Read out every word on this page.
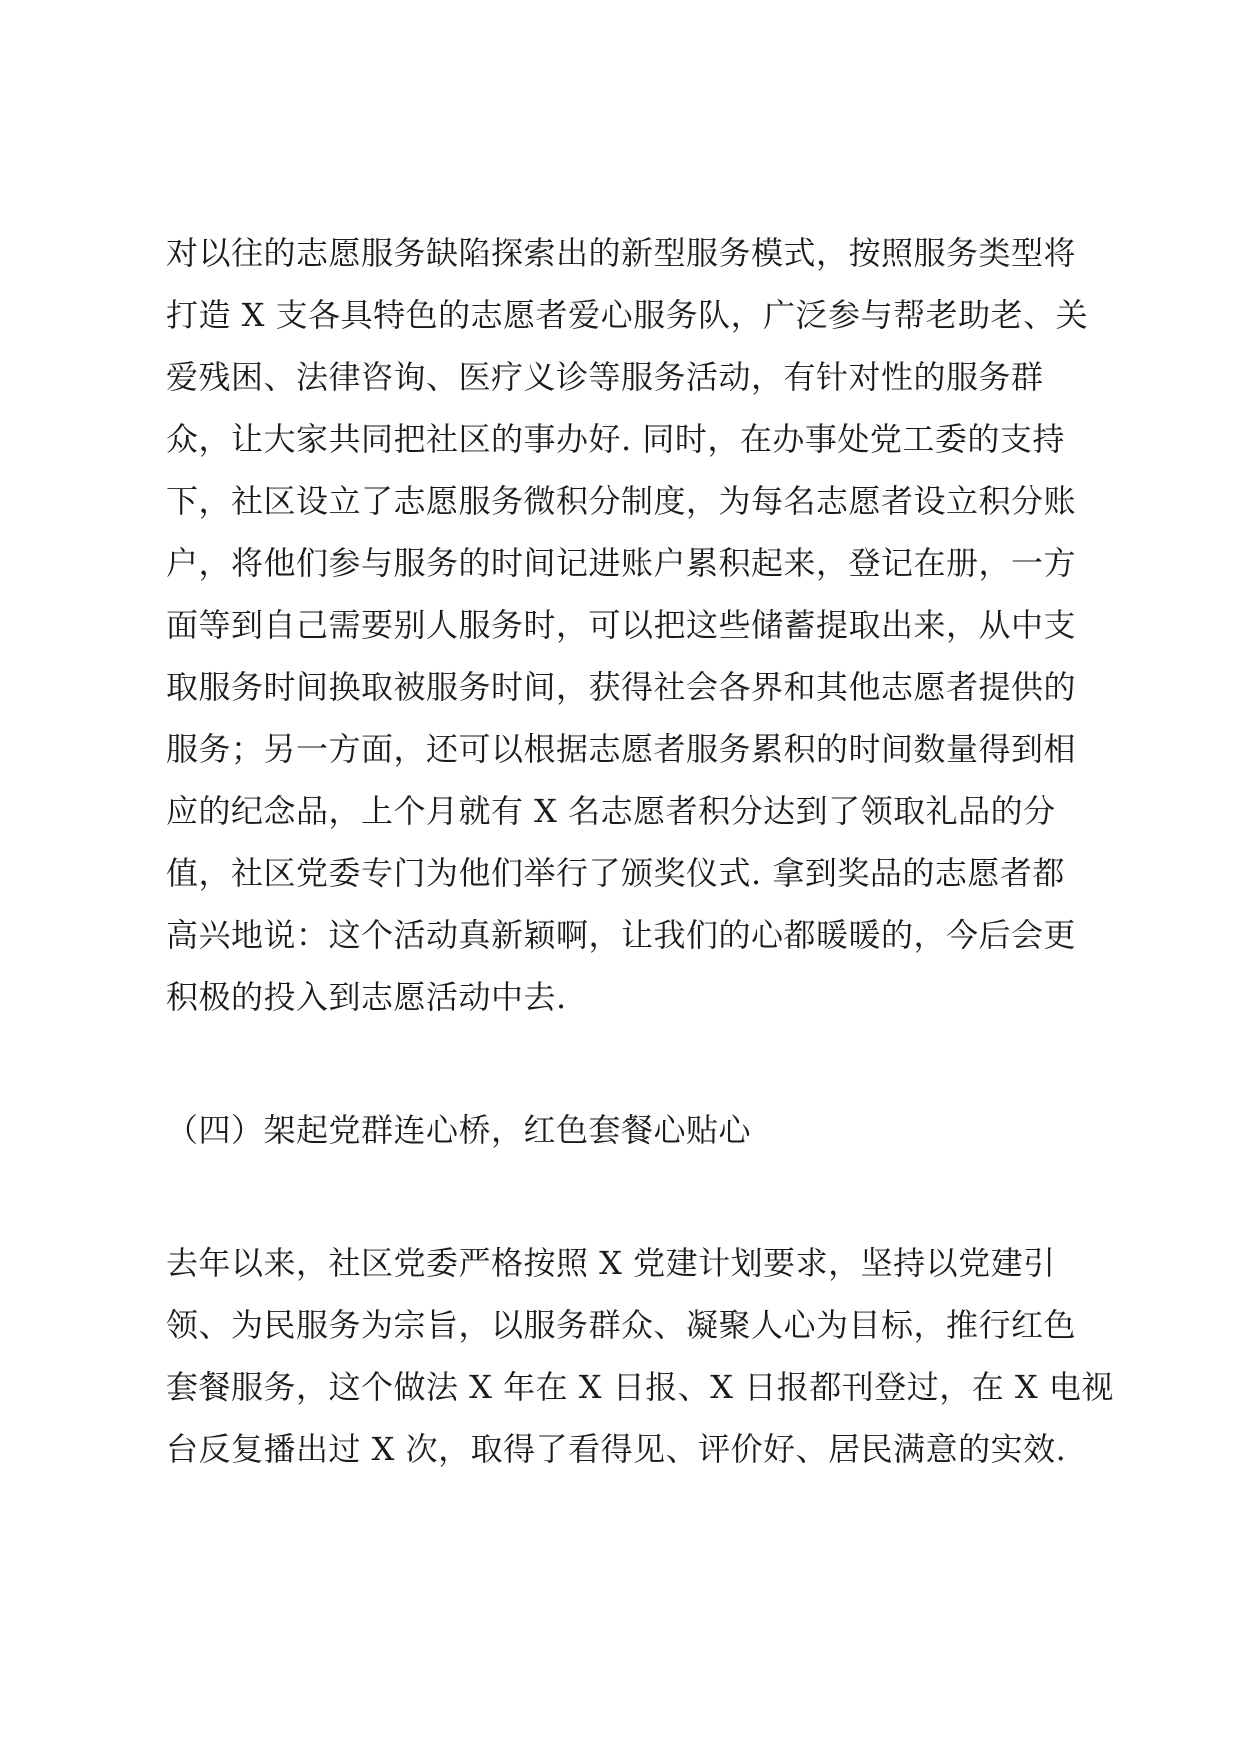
对以往的志愿服务缺陷探索出的新型服务模式，按照服务类型将
打造 X 支各具特色的志愿者爱心服务队，广泛参与帮老助老、关
爱残困、法律咨询、医疗义诊等服务活动，有针对性的服务群
众，让大家共同把社区的事办好. 同时，在办事处党工委的支持
下，社区设立了志愿服务微积分制度，为每名志愿者设立积分账
户，将他们参与服务的时间记进账户累积起来，登记在册，一方
面等到自己需要别人服务时，可以把这些储蓄提取出来，从中支
取服务时间换取被服务时间，获得社会各界和其他志愿者提供的
服务；另一方面，还可以根据志愿者服务累积的时间数量得到相
应的纪念品，上个月就有 X 名志愿者积分达到了领取礼品的分
值，社区党委专门为他们举行了颁奖仪式. 拿到奖品的志愿者都
高兴地说：这个活动真新颖啊，让我们的心都暖暖的，今后会更
积极的投入到志愿活动中去.
（四）架起党群连心桥，红色套餐心贴心
去年以来，社区党委严格按照 X 党建计划要求，坚持以党建引
领、为民服务为宗旨，以服务群众、凝聚人心为目标，推行红色
套餐服务，这个做法 X 年在 X 日报、X 日报都刊登过，在 X 电视
台反复播出过 X 次，取得了看得见、评价好、居民满意的实效.
